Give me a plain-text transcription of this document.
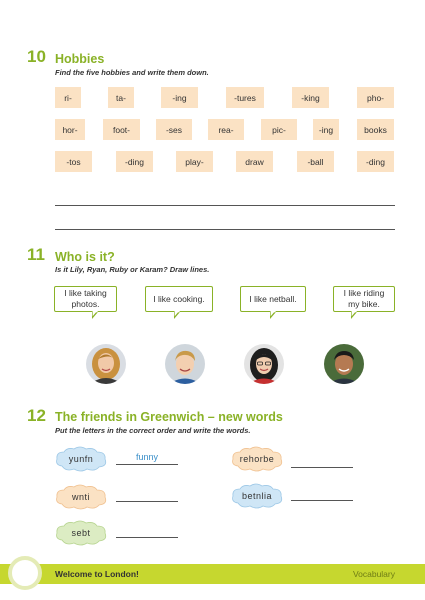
10 Hobbies
Find the five hobbies and write them down.
ri-	ta-	-ing	-tures	-king	pho-
hor-	foot-	-ses	rea-	pic-	-ing	books
-tos	-ding	play-	draw	-ball	-ding
11 Who is it?
Is it Lily, Ryan, Ruby or Karam? Draw lines.
I like taking
photos.
I like cooking.	I like netball.
I like riding
my bike.
12 The friends in Greenwich – new words
Put the letters in the correct order and write the words.
yunfn	funny	rehorbe
wnti	betnlia
sebt
Welcome to London!	Vocabulary
